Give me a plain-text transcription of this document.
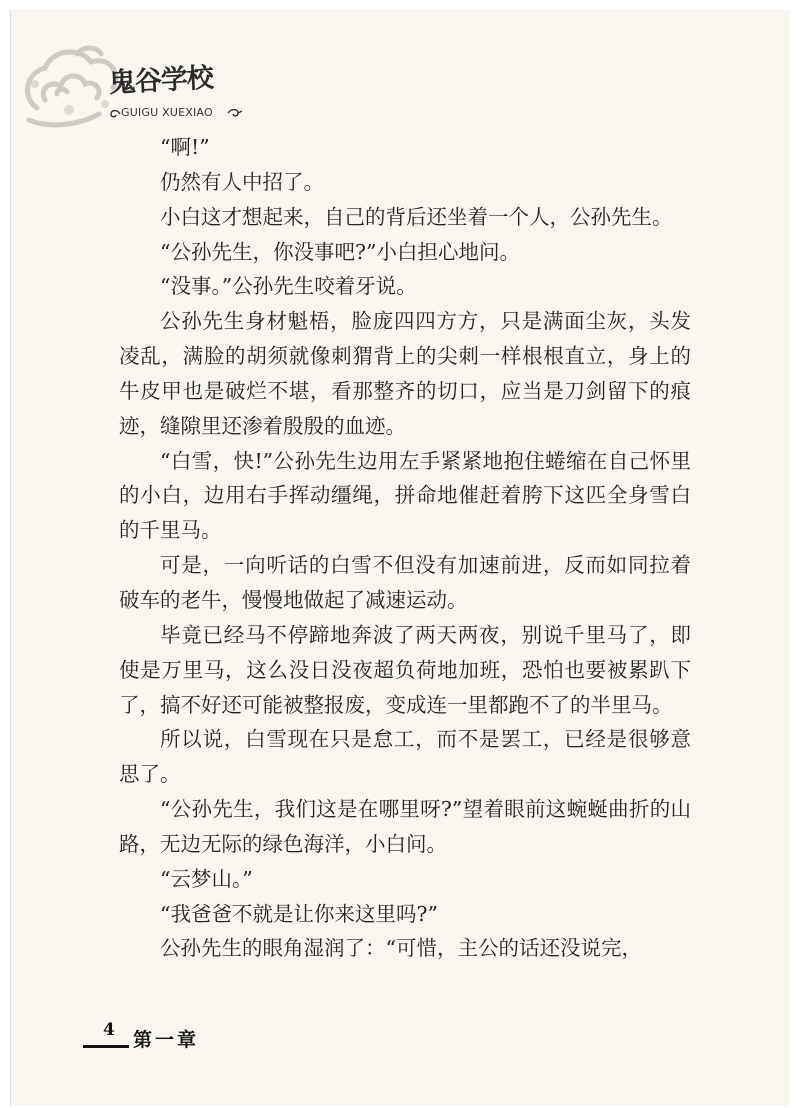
鬼谷学校
GUIGU XUEXIAO

“啊!”

仍然有人中招了。

小白这才想起来，自己的背后还坐着一个人，公孙先生。

“公孙先生，你没事吧?”小白担心地问。

“没事。”公孙先生咬着牙说。

公孙先生身材魁梧，脸庞四四方方，只是满面尘灰，头发凌乱，满脸的胡须就像刺猬背上的尖刺一样根根直立，身上的牛皮甲也是破烂不堪，看那整齐的切口，应当是刀剑留下的痕迹，缝隙里还渗着殷殷的血迹。

“白雪，快!”公孙先生边用左手紧紧地抱住蜷缩在自己怀里的小白，边用右手挥动缰绳，拼命地催赶着胯下这匹全身雪白的千里马。

可是，一向听话的白雪不但没有加速前进，反而如同拉着破车的老牛，慢慢地做起了减速运动。

毕竟已经马不停蹄地奔波了两天两夜，别说千里马了，即使是万里马，这么没日没夜超负荷地加班，恐怕也要被累趴下了，搞不好还可能被整报废，变成连一里都跑不了的半里马。

所以说，白雪现在只是怠工，而不是罢工，已经是很够意思了。

“公孙先生，我们这是在哪里呀?”望着眼前这蜿蜒曲折的山路，无边无际的绿色海洋，小白问。

“云梦山。”

“我爸爸不就是让你来这里吗?”

公孙先生的眼角湿润了：“可惜，主公的话还没说完，

4 第一章
